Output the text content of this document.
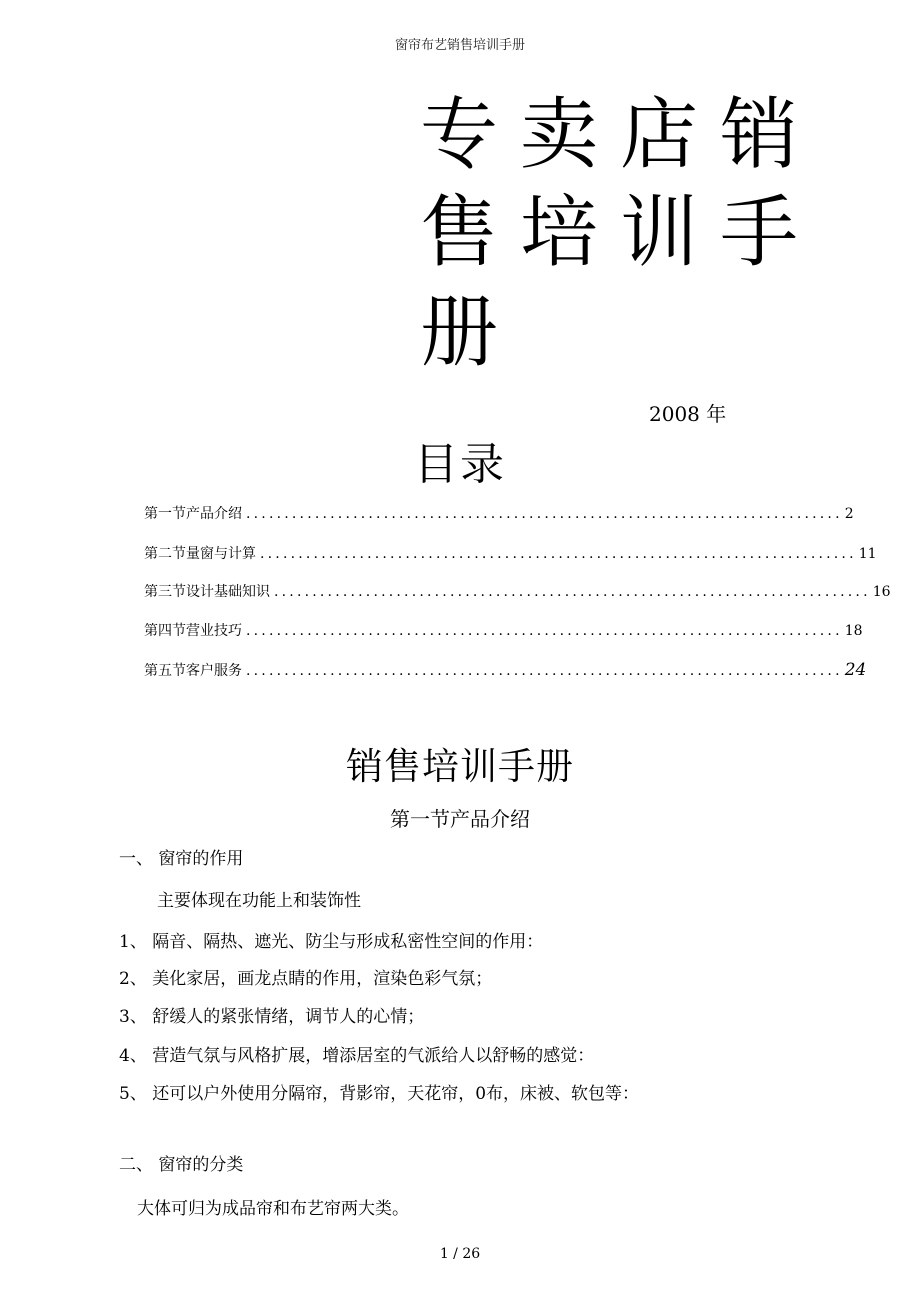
窗帘布艺销售培训手册
专卖店销
售培训手
册
2008 年
目录
第一节产品介绍 .............................................................................. 2
第二节量窗与计算 .............................................................................. 11
第三节设计基础知识 .............................................................................. 16
第四节营业技巧 .............................................................................. 18
第五节客户服务 .............................................................................. 24
销售培训手册
第一节产品介绍
一、 窗帘的作用
主要体现在功能上和装饰性
1、 隔音、隔热、遮光、防尘与形成私密性空间的作用：
2、 美化家居，画龙点睛的作用，渲染色彩气氛；
3、 舒缓人的紧张情绪，调节人的心情；
4、 营造气氛与风格扩展，增添居室的气派给人以舒畅的感觉：
5、 还可以户外使用分隔帘，背影帘，天花帘，0布，床被、软包等：
二、 窗帘的分类
大体可归为成品帘和布艺帘两大类。
1 / 26
